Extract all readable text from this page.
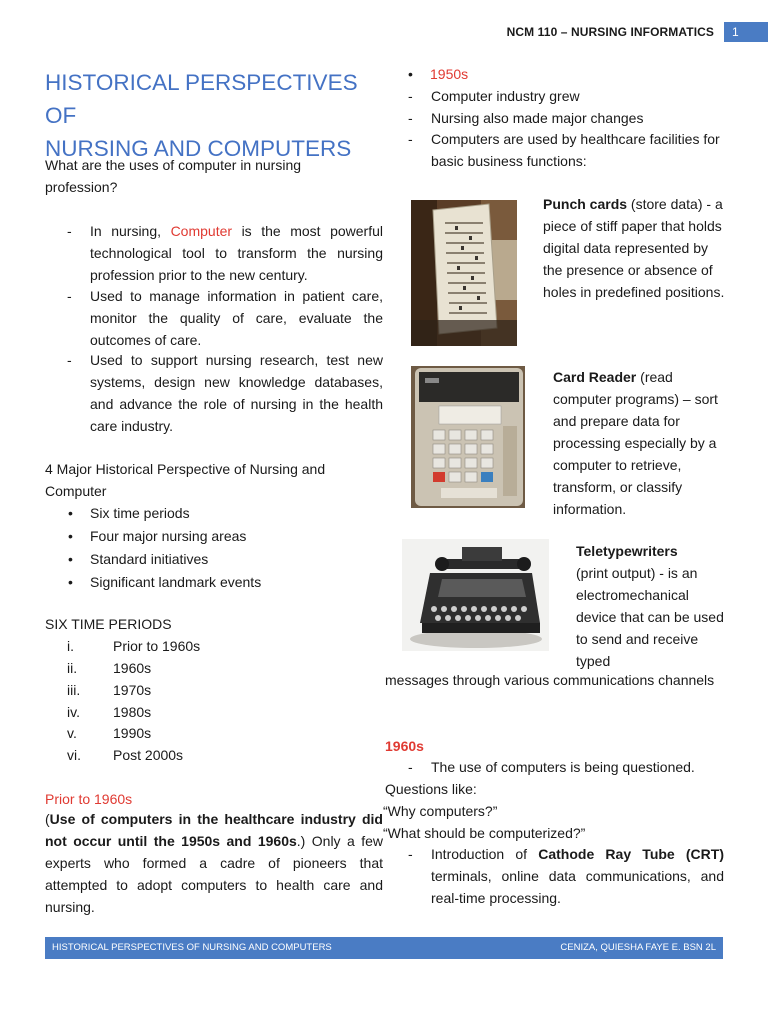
NCM 110 – NURSING INFORMATICS	1
HISTORICAL PERSPECTIVES OF
NURSING AND COMPUTERS
What are the uses of computer in nursing profession?
-	In nursing, Computer is the most powerful technological tool to transform the nursing profession prior to the new century.
-	Used to manage information in patient care, monitor the quality of care, evaluate the outcomes of care.
-	Used to support nursing research, test new systems, design new knowledge databases, and advance the role of nursing in the health care industry.
4 Major Historical Perspective of Nursing and Computer
•	Six time periods
•	Four major nursing areas
•	Standard initiatives
•	Significant landmark events
SIX TIME PERIODS
i.	Prior to 1960s
ii.	1960s
iii.	1970s
iv.	1980s
v.	1990s
vi.	Post 2000s
Prior to 1960s
(Use of computers in the healthcare industry did not occur until the 1950s and 1960s.) Only a few experts who formed a cadre of pioneers that attempted to adopt computers to health care and nursing.
•	1950s
-	Computer industry grew
-	Nursing also made major changes
-	Computers are used by healthcare facilities for basic business functions:
Punch cards (store data) - a piece of stiff paper that holds digital data represented by the presence or absence of holes in predefined positions.
Card Reader (read computer programs) – sort and prepare data for processing especially by a computer to retrieve, transform, or classify information.
Teletypewriters
(print output) - is an electromechanical device that can be used to send and receive typed
messages through various communications channels
1960s
-	The use of computers is being questioned.
Questions like:
“Why computers?”
“What should be computerized?”
-	Introduction of Cathode Ray Tube (CRT) terminals, online data communications, and real-time processing.
HISTORICAL PERSPECTIVES OF NURSING AND COMPUTERS	CENIZA, QUIESHA FAYE E. BSN 2L
